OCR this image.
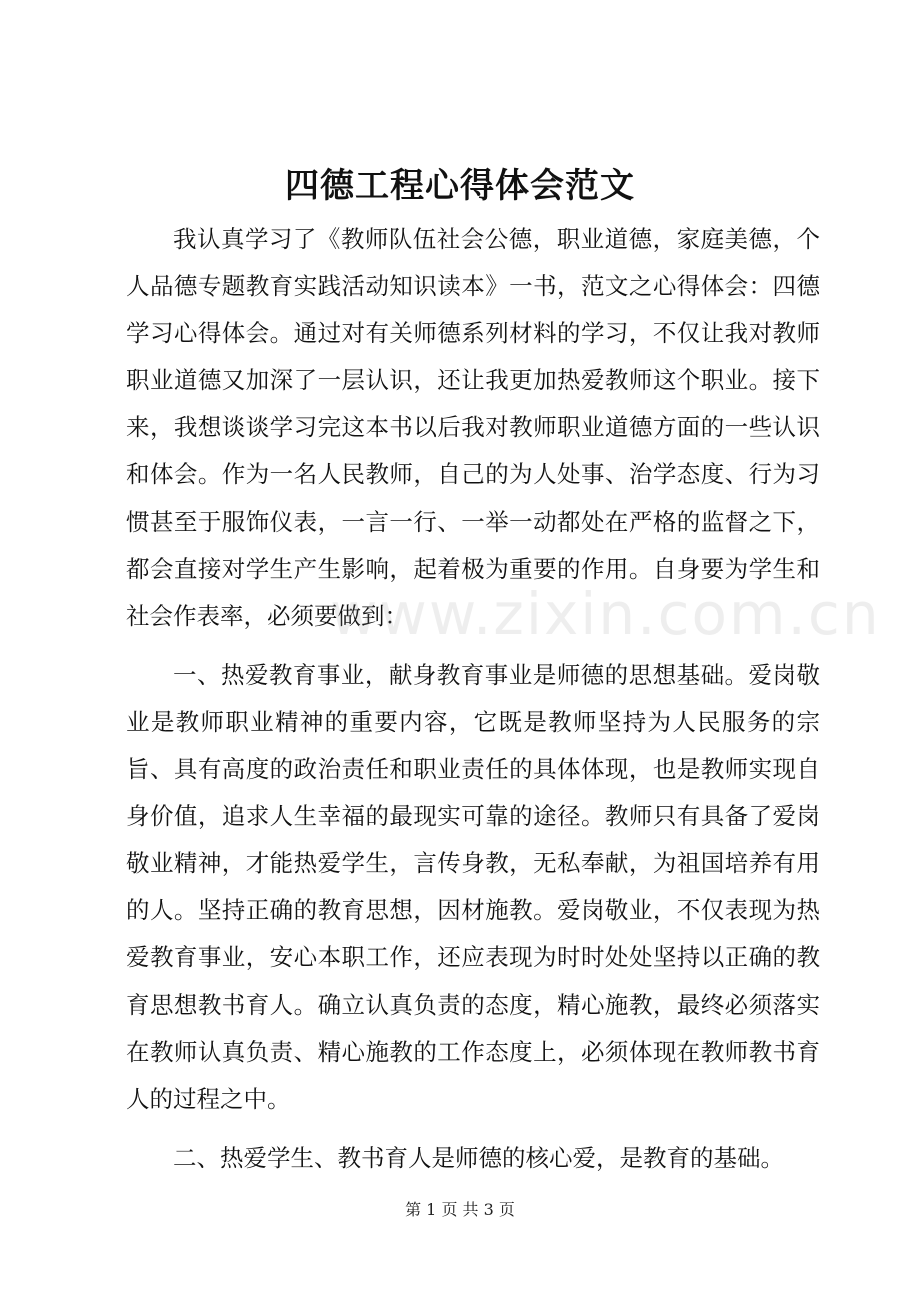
四德工程心得体会范文

我认真学习了《教师队伍社会公德，职业道德，家庭美德，个人品德专题教育实践活动知识读本》一书，范文之心得体会：四德学习心得体会。通过对有关师德系列材料的学习，不仅让我对教师职业道德又加深了一层认识，还让我更加热爱教师这个职业。接下来，我想谈谈学习完这本书以后我对教师职业道德方面的一些认识和体会。作为一名人民教师，自己的为人处事、治学态度、行为习惯甚至于服饰仪表，一言一行、一举一动都处在严格的监督之下，都会直接对学生产生影响，起着极为重要的作用。自身要为学生和社会作表率，必须要做到：

一、热爱教育事业，献身教育事业是师德的思想基础。爱岗敬业是教师职业精神的重要内容，它既是教师坚持为人民服务的宗旨、具有高度的政治责任和职业责任的具体体现，也是教师实现自身价值，追求人生幸福的最现实可靠的途径。教师只有具备了爱岗敬业精神，才能热爱学生，言传身教，无私奉献，为祖国培养有用的人。坚持正确的教育思想，因材施教。爱岗敬业，不仅表现为热爱教育事业，安心本职工作，还应表现为时时处处坚持以正确的教育思想教书育人。确立认真负责的态度，精心施教，最终必须落实在教师认真负责、精心施教的工作态度上，必须体现在教师教书育人的过程之中。

二、热爱学生、教书育人是师德的核心爱，是教育的基础。

www.zixin.com.cn
第 1 页 共 3 页
